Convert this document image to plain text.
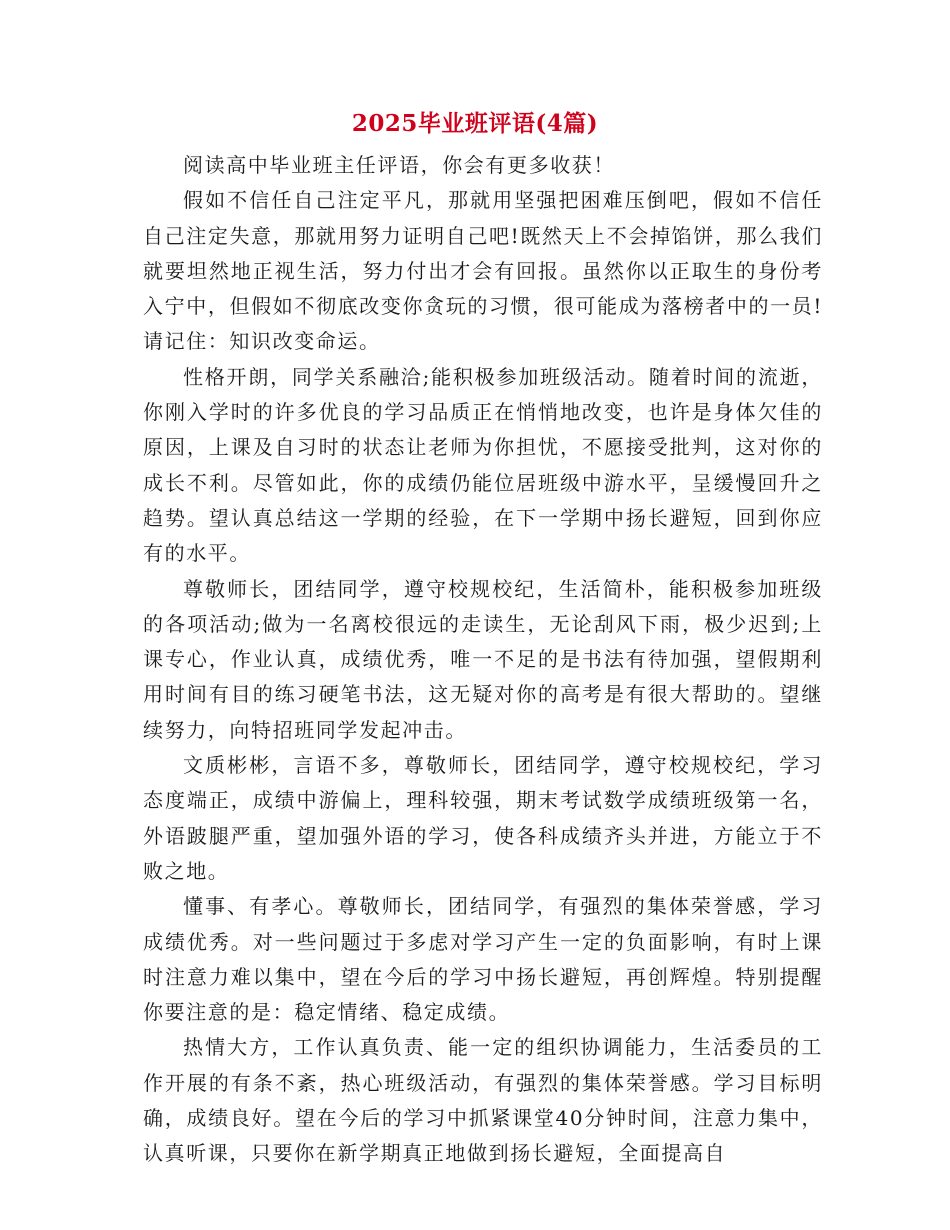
2025毕业班评语(4篇)

阅读高中毕业班主任评语，你会有更多收获！

假如不信任自己注定平凡，那就用坚强把困难压倒吧，假如不信任自己注定失意，那就用努力证明自己吧!既然天上不会掉馅饼，那么我们就要坦然地正视生活，努力付出才会有回报。虽然你以正取生的身份考入宁中，但假如不彻底改变你贪玩的习惯，很可能成为落榜者中的一员!请记住：知识改变命运。

性格开朗，同学关系融洽;能积极参加班级活动。随着时间的流逝，你刚入学时的许多优良的学习品质正在悄悄地改变，也许是身体欠佳的原因，上课及自习时的状态让老师为你担忧，不愿接受批判，这对你的成长不利。尽管如此，你的成绩仍能位居班级中游水平，呈缓慢回升之趋势。望认真总结这一学期的经验，在下一学期中扬长避短，回到你应有的水平。

尊敬师长，团结同学，遵守校规校纪，生活简朴，能积极参加班级的各项活动;做为一名离校很远的走读生，无论刮风下雨，极少迟到;上课专心，作业认真，成绩优秀，唯一不足的是书法有待加强，望假期利用时间有目的练习硬笔书法，这无疑对你的高考是有很大帮助的。望继续努力，向特招班同学发起冲击。

文质彬彬，言语不多，尊敬师长，团结同学，遵守校规校纪，学习态度端正，成绩中游偏上，理科较强，期末考试数学成绩班级第一名，外语跛腿严重，望加强外语的学习，使各科成绩齐头并进，方能立于不败之地。

懂事、有孝心。尊敬师长，团结同学，有强烈的集体荣誉感，学习成绩优秀。对一些问题过于多虑对学习产生一定的负面影响，有时上课时注意力难以集中，望在今后的学习中扬长避短，再创辉煌。特别提醒你要注意的是：稳定情绪、稳定成绩。

热情大方，工作认真负责、能一定的组织协调能力，生活委员的工作开展的有条不紊，热心班级活动，有强烈的集体荣誉感。学习目标明确，成绩良好。望在今后的学习中抓紧课堂40分钟时间，注意力集中，认真听课，只要你在新学期真正地做到扬长避短，全面提高自
